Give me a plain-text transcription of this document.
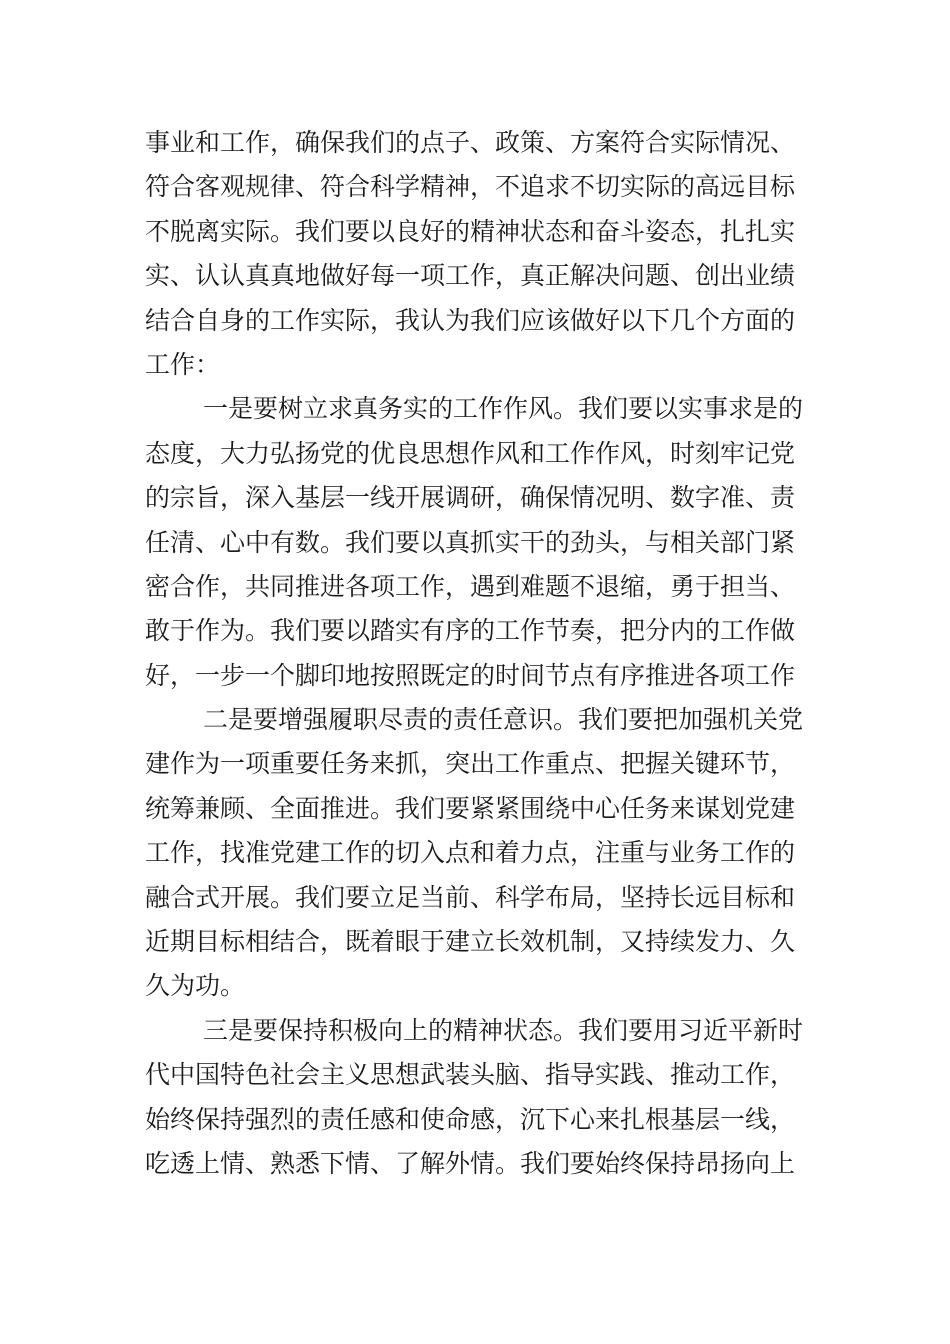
事业和工作，确保我们的点子、政策、方案符合实际情况、
符合客观规律、符合科学精神，不追求不切实际的高远目标
不脱离实际。我们要以良好的精神状态和奋斗姿态，扎扎实
实、认认真真地做好每一项工作，真正解决问题、创出业绩
结合自身的工作实际，我认为我们应该做好以下几个方面的
工作：
一是要树立求真务实的工作作风。我们要以实事求是的
态度，大力弘扬党的优良思想作风和工作作风，时刻牢记党
的宗旨，深入基层一线开展调研，确保情况明、数字准、责
任清、心中有数。我们要以真抓实干的劲头，与相关部门紧
密合作，共同推进各项工作，遇到难题不退缩，勇于担当、
敢于作为。我们要以踏实有序的工作节奏，把分内的工作做
好，一步一个脚印地按照既定的时间节点有序推进各项工作
二是要增强履职尽责的责任意识。我们要把加强机关党
建作为一项重要任务来抓，突出工作重点、把握关键环节，
统筹兼顾、全面推进。我们要紧紧围绕中心任务来谋划党建
工作，找准党建工作的切入点和着力点，注重与业务工作的
融合式开展。我们要立足当前、科学布局，坚持长远目标和
近期目标相结合，既着眼于建立长效机制，又持续发力、久
久为功。
三是要保持积极向上的精神状态。我们要用习近平新时
代中国特色社会主义思想武装头脑、指导实践、推动工作，
始终保持强烈的责任感和使命感，沉下心来扎根基层一线，
吃透上情、熟悉下情、了解外情。我们要始终保持昂扬向上
